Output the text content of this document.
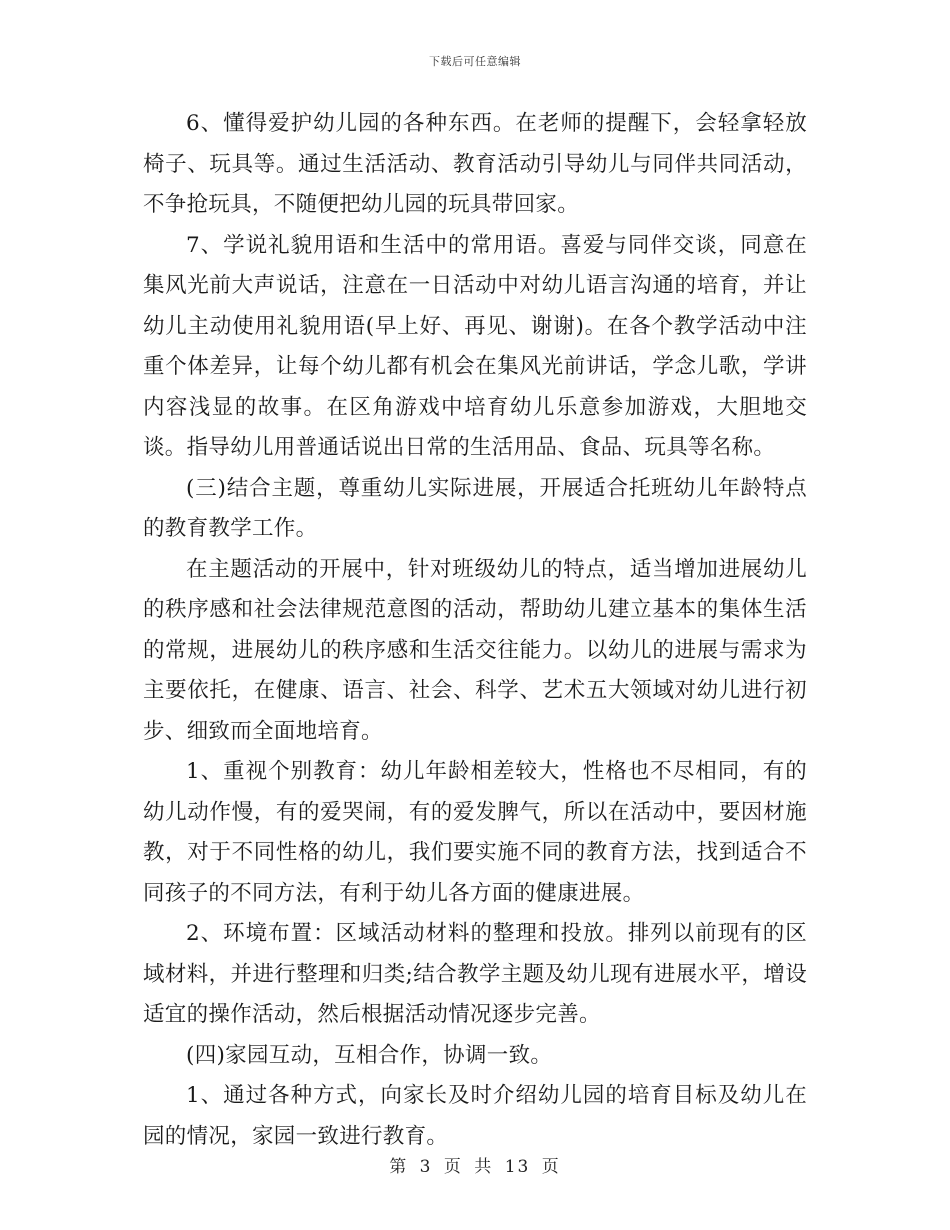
下载后可任意编辑

6、懂得爱护幼儿园的各种东西。在老师的提醒下，会轻拿轻放椅子、玩具等。通过生活活动、教育活动引导幼儿与同伴共同活动，不争抢玩具，不随便把幼儿园的玩具带回家。

7、学说礼貌用语和生活中的常用语。喜爱与同伴交谈，同意在集风光前大声说话，注意在一日活动中对幼儿语言沟通的培育，并让幼儿主动使用礼貌用语(早上好、再见、谢谢)。在各个教学活动中注重个体差异，让每个幼儿都有机会在集风光前讲话，学念儿歌，学讲内容浅显的故事。在区角游戏中培育幼儿乐意参加游戏，大胆地交谈。指导幼儿用普通话说出日常的生活用品、食品、玩具等名称。

(三)结合主题，尊重幼儿实际进展，开展适合托班幼儿年龄特点的教育教学工作。

在主题活动的开展中，针对班级幼儿的特点，适当增加进展幼儿的秩序感和社会法律规范意图的活动，帮助幼儿建立基本的集体生活的常规，进展幼儿的秩序感和生活交往能力。以幼儿的进展与需求为主要依托，在健康、语言、社会、科学、艺术五大领域对幼儿进行初步、细致而全面地培育。

1、重视个别教育：幼儿年龄相差较大，性格也不尽相同，有的幼儿动作慢，有的爱哭闹，有的爱发脾气，所以在活动中，要因材施教，对于不同性格的幼儿，我们要实施不同的教育方法，找到适合不同孩子的不同方法，有利于幼儿各方面的健康进展。

2、环境布置：区域活动材料的整理和投放。排列以前现有的区域材料，并进行整理和归类;结合教学主题及幼儿现有进展水平，增设适宜的操作活动，然后根据活动情况逐步完善。

(四)家园互动，互相合作，协调一致。

1、通过各种方式，向家长及时介绍幼儿园的培育目标及幼儿在园的情况，家园一致进行教育。

第 3 页 共 13 页
